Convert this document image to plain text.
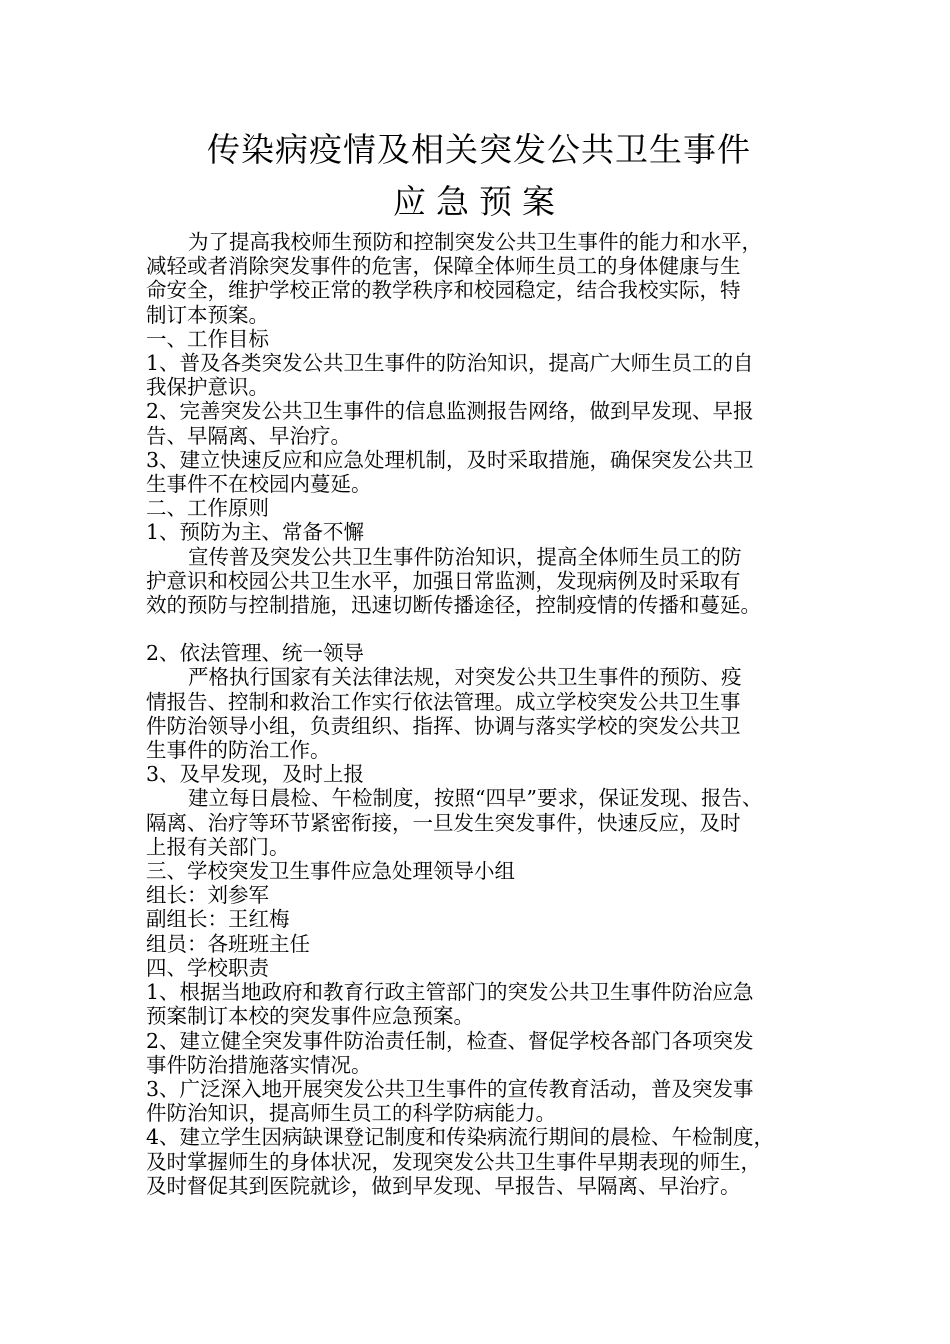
传染病疫情及相关突发公共卫生事件
应急预案

为了提高我校师生预防和控制突发公共卫生事件的能力和水平，

减轻或者消除突发事件的危害，保障全体师生员工的身体健康与生

命安全，维护学校正常的教学秩序和校园稳定，结合我校实际，特

制订本预案。

一、工作目标

1、普及各类突发公共卫生事件的防治知识，提高广大师生员工的自

我保护意识。

2、完善突发公共卫生事件的信息监测报告网络，做到早发现、早报

告、早隔离、早治疗。

3、建立快速反应和应急处理机制，及时采取措施，确保突发公共卫

生事件不在校园内蔓延。

二、工作原则

1、预防为主、常备不懈

宣传普及突发公共卫生事件防治知识，提高全体师生员工的防

护意识和校园公共卫生水平，加强日常监测，发现病例及时采取有

效的预防与控制措施，迅速切断传播途径，控制疫情的传播和蔓延。

2、依法管理、统一领导

严格执行国家有关法律法规，对突发公共卫生事件的预防、疫

情报告、控制和救治工作实行依法管理。成立学校突发公共卫生事

件防治领导小组，负责组织、指挥、协调与落实学校的突发公共卫

生事件的防治工作。

3、及早发现，及时上报

建立每日晨检、午检制度，按照“四早”要求，保证发现、报告、

隔离、治疗等环节紧密衔接，一旦发生突发事件，快速反应，及时

上报有关部门。

三、学校突发卫生事件应急处理领导小组

组长：刘参军

副组长：王红梅

组员：各班班主任

四、学校职责

1、根据当地政府和教育行政主管部门的突发公共卫生事件防治应急

预案制订本校的突发事件应急预案。

2、建立健全突发事件防治责任制，检查、督促学校各部门各项突发

事件防治措施落实情况。

3、广泛深入地开展突发公共卫生事件的宣传教育活动，普及突发事

件防治知识，提高师生员工的科学防病能力。

4、建立学生因病缺课登记制度和传染病流行期间的晨检、午检制度，

及时掌握师生的身体状况，发现突发公共卫生事件早期表现的师生，

及时督促其到医院就诊，做到早发现、早报告、早隔离、早治疗。
